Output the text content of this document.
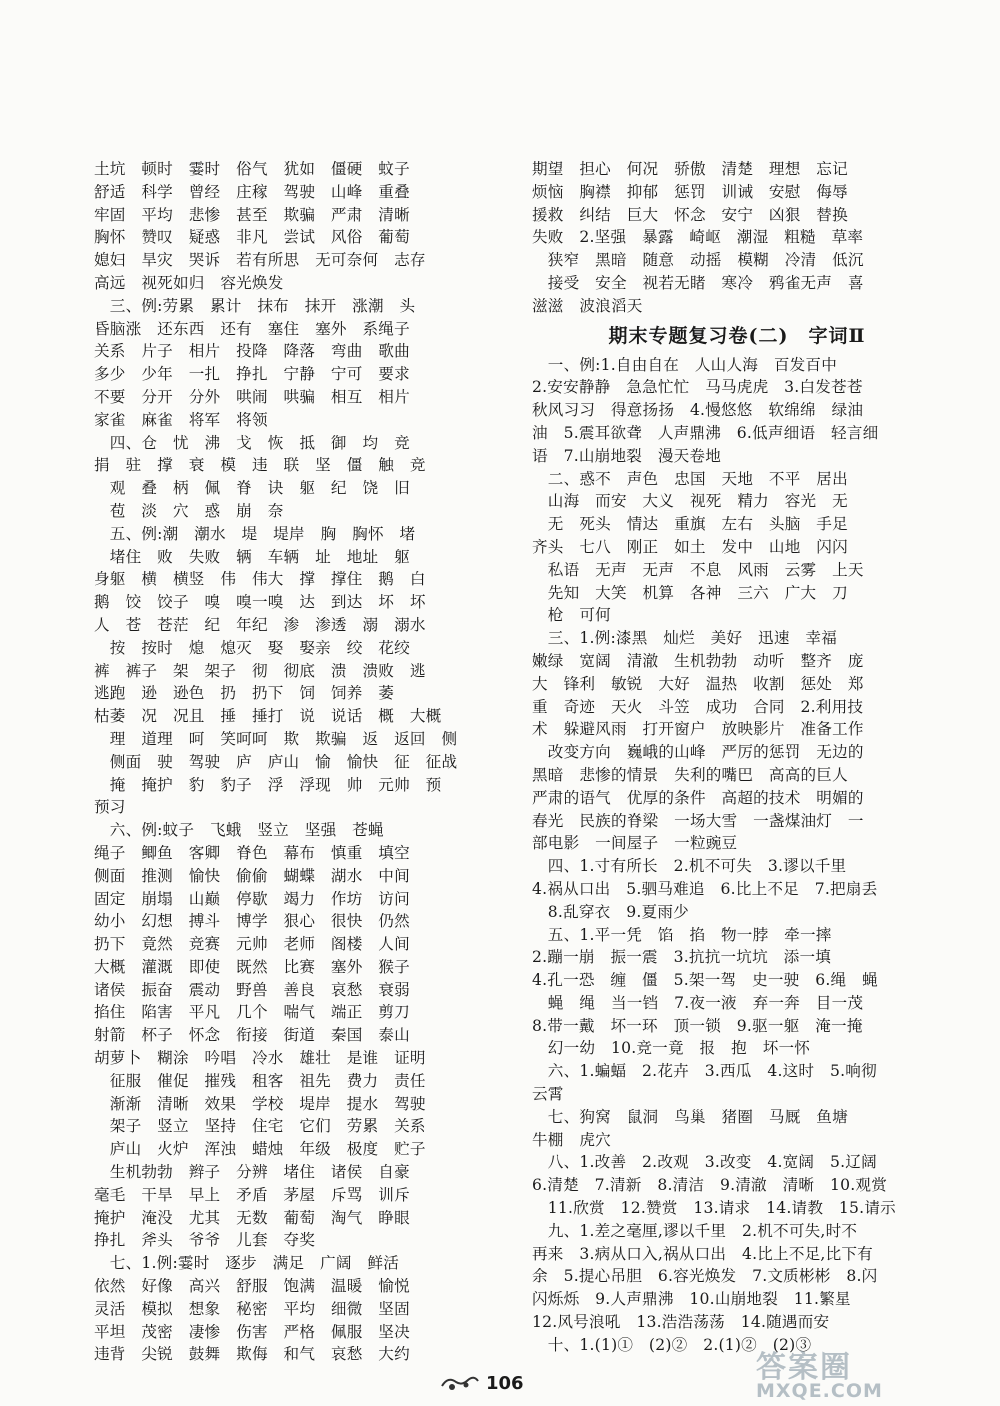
土坑　顿时　霎时　俗气　犹如　僵硬　蚊子
舒适　科学　曾经　庄稼　驾驶　山峰　重叠
牢固　平均　悲惨　甚至　欺骗　严肃　清晰
胸怀　赞叹　疑惑　非凡　尝试　风俗　葡萄
媳妇　旱灾　哭诉　若有所思　无可奈何　志存
高远　视死如归　容光焕发
　三、例:劳累　累计　抹布　抹开　涨潮　头
昏脑涨　还东西　还有　塞住　塞外　系绳子
关系　片子　相片　投降　降落　弯曲　歌曲
多少　少年　一扎　挣扎　宁静　宁可　要求
不要　分开　分外　哄闹　哄骗　相互　相片
家雀　麻雀　将军　将领
　四、仓　忧　沸　戈　恢　抵　御　均　竞
捐　驻　撑　衰　模　违　联　坚　僵　触　竞
　观　叠　柄　佩　脊　诀　躯　纪　饶　旧
　苞　淡　穴　惑　崩　奈
　五、例:潮　潮水　堤　堤岸　胸　胸怀　堵
　堵住　败　失败　辆　车辆　址　地址　躯
身躯　横　横竖　伟　伟大　撑　撑住　鹅　白
鹅　饺　饺子　嗅　嗅一嗅　达　到达　坏　坏
人　苍　苍茫　纪　年纪　渗　渗透　溺　溺水
　按　按时　熄　熄灭　娶　娶亲　绞　花绞
裤　裤子　架　架子　彻　彻底　溃　溃败　逃
逃跑　逊　逊色　扔　扔下　饲　饲养　萎
枯萎　况　况且　捶　捶打　说　说话　概　大概
　理　道理　呵　笑呵呵　欺　欺骗　返　返回　侧
　侧面　驶　驾驶　庐　庐山　愉　愉快　征　征战
　掩　掩护　豹　豹子　浮　浮现　帅　元帅　预
预习
　六、例:蚊子　飞蛾　竖立　坚强　苍蝇
绳子　鲫鱼　客卿　脊色　幕布　慎重　填空
侧面　推测　愉快　偷偷　蝴蝶　湖水　中间
固定　崩塌　山巅　停歇　竭力　作坊　访问
幼小　幻想　搏斗　博学　狠心　很快　仍然
扔下　竟然　竞赛　元帅　老师　阁楼　人间
大概　灌溉　即使　既然　比赛　塞外　猴子
诸侯　振奋　震动　野兽　善良　哀愁　衰弱
掐住　陷害　平凡　几个　喘气　端正　剪刀
射箭　杯子　怀念　衔接　街道　秦国　泰山
胡萝卜　糊涂　吟唱　冷水　雄壮　是谁　证明
　征服　催促　摧残　租客　祖先　费力　责任
　渐渐　清晰　效果　学校　堤岸　提水　驾驶
　架子　竖立　坚持　住宅　它们　劳累　关系
　庐山　火炉　浑浊　蜡烛　年级　极度　贮子
　生机勃勃　辫子　分辨　堵住　诸侯　自豪
毫毛　干旱　早上　矛盾　茅屋　斥骂　训斥
掩护　淹没　尤其　无数　葡萄　淘气　睁眼
挣扎　斧头　爷爷　儿套　夺奖
　七、1.例:霎时　逐步　满足　广阔　鲜活
依然　好像　高兴　舒服　饱满　温暖　愉悦
灵活　模拟　想象　秘密　平均　细微　坚固
平坦　茂密　凄惨　伤害　严格　佩服　坚决
违背　尖锐　鼓舞　欺侮　和气　哀愁　大约
期望　担心　何况　骄傲　清楚　理想　忘记
烦恼　胸襟　抑郁　惩罚　训诫　安慰　侮辱
援救　纠结　巨大　怀念　安宁　凶狠　替换
失败　2.坚强　暴露　崎岖　潮湿　粗糙　草率
　狭窄　黑暗　随意　动摇　模糊　冷清　低沉
　接受　安全　视若无睹　寒冷　鸦雀无声　喜
滋滋　波浪滔天
期末专题复习卷(二)　字词Ⅱ
　一、例:1.自由自在　人山人海　百发百中
2.安安静静　急急忙忙　马马虎虎　3.白发苍苍
秋风习习　得意扬扬　4.慢悠悠　软绵绵　绿油
油　5.震耳欲聋　人声鼎沸　6.低声细语　轻言细
语　7.山崩地裂　漫天卷地
　二、惑不　声色　忠国　天地　不平　居出
　山海　而安　大义　视死　精力　容光　无
　无　死头　情达　重旗　左右　头脑　手足
齐头　七八　刚正　如土　发中　山地　闪闪
　私语　无声　无声　不息　风雨　云雾　上天
　先知　大笑　机算　各神　三六　广大　刀
　枪　可何
　三、1.例:漆黑　灿烂　美好　迅速　幸福
嫩绿　宽阔　清澈　生机勃勃　动听　整齐　庞
大　锋利　敏锐　大好　温热　收割　惩处　郑
重　奇迹　天火　斗笠　成功　合同　2.利用技
术　躲避风雨　打开窗户　放映影片　准备工作
　改变方向　巍峨的山峰　严厉的惩罚　无边的
黑暗　悲惨的情景　失利的嘴巴　高高的巨人
严肃的语气　优厚的条件　高超的技术　明媚的
春光　民族的脊梁　一场大雪　一盏煤油灯　一
部电影　一间屋子　一粒豌豆
　四、1.寸有所长　2.机不可失　3.谬以千里
4.祸从口出　5.驷马难追　6.比上不足　7.把扇丢
　8.乱穿衣　9.夏雨少
　五、1.平一凭　馅　掐　物一脖　牵一摔
2.蹦一崩　振一震　3.抗抗一坑坑　添一填
4.孔一恐　缠　僵　5.架一驾　史一驶　6.绳　蝇
　蝇　绳　当一铛　7.夜一液　弃一奔　目一茂
8.带一戴　坏一环　顶一锁　9.驱一躯　淹一掩
　幻一幼　10.竞一竟　报　抱　坏一怀
　六、1.蝙蝠　2.花卉　3.西瓜　4.这时　5.响彻
云霄
　七、狗窝　鼠洞　鸟巢　猪圈　马厩　鱼塘
牛棚　虎穴
　八、1.改善　2.改观　3.改变　4.宽阔　5.辽阔
6.清楚　7.清新　8.清洁　9.清澈　清晰　10.观赏
　11.欣赏　12.赞赏　13.请求　14.请教　15.请示
　九、1.差之毫厘,谬以千里　2.机不可失,时不
再来　3.病从口入,祸从口出　4.比上不足,比下有
余　5.提心吊胆　6.容光焕发　7.文质彬彬　8.闪
闪烁烁　9.人声鼎沸　10.山崩地裂　11.繁星
12.风号浪吼　13.浩浩荡荡　14.随遇而安
　十、1.(1)①　(2)②　2.(1)②　(2)③
106	答案圈
MXQE.COM
